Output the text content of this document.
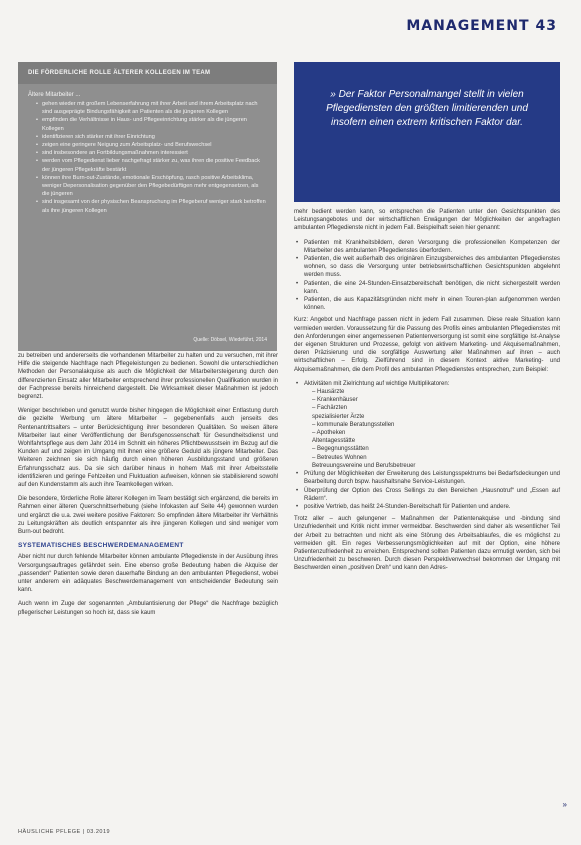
MANAGEMENT 43
DIE FÖRDERLICHE ROLLE ÄLTERER KOLLEGEN IM TEAM
Ältere Mitarbeiter ...
• gehen wieder mit großem Lebenserfahrung mit ihrer Arbeit und ihrem Arbeitsplatz nach sind ausgeprägte Bindungsfähigkeit an Patienten als die jüngeren Kollegen
• empfinden die Verhältnisse in Haus- und Pflegeeinrichtung stärker als die jüngeren Kollegen
• identifizieren sich stärker mit ihrer Einrichtung
• zeigen eine geringere Neigung zum Arbeitsplatz- und Berufswechsel
• sind insbesondere an Fortbildungsmaßnahmen interessiert
• werden vom Pflegedienst lieber nachgefragt stärker zu, was ihren die positive Feedback der jüngeren Pflegekräfte bestärkt
• können ihre Burn-out-Zustände, emotionale Erschöpfung, rasch positive Arbeitsklima, weniger Depersonalisation gegenüber den Pflegebedürftigen mehr entgegensetzen, als die jüngeren
• sind insgesamt von der physischen Beanspruchung im Pflegeberuf weniger stark betroffen als ihre jüngeren Kollegen
Quelle: Döbsel, Wiedeführt, 2014
» Der Faktor Personalmangel stellt in vielen Pflegediensten den größten limitierenden und insofern einen extrem kritischen Faktor dar.

zu betreiben und andererseits die vorhandenen Mitarbeiter zu halten und zu versuchen, mit ihrer Hilfe die steigende Nachfrage nach Pflegeleistungen zu bedienen. Sowohl die unterschiedlichen Methoden der Personalakquise als auch die Möglichkeit der Mitarbeitersteigerung durch den differenzierten Einsatz aller Mitarbeiter entsprechend ihrer professionellen Qualifikation wurden in der Fachpresse bereits hinreichend dargestellt. Die Wirksamkeit dieser Maßnahmen ist jedoch begrenzt.

Weniger beschrieben und genutzt wurde bisher hingegen die Möglichkeit einer Entlastung durch die gezielte Werbung um ältere Mitarbeiter – gegebenenfalls auch jenseits des Rentenantrittsalters – unter Berücksichtigung ihrer besonderen Qualitäten. So weisen ältere Mitarbeiter laut einer Veröffentlichung der Berufsgenossenschaft für Gesundheitsdienst und Wohlfahrtspflege aus dem Jahr 2014 im Schnitt ein höheres Pflichtbewusstsein im Bezug auf die Kunden auf und zeigen im Umgang mit ihnen eine größere Geduld als jüngere Mitarbeiter. Das Weiteren zeichnen sie sich häufig durch einen höheren Ausbildungsstand und größeren Erfahrungsschatz aus. Da sie sich darüber hinaus in hohem Maß mit ihrer Arbeitsstelle identifizieren und geringe Fehlzeiten und Fluktuation aufweisen, können sie stabilisierend sowohl auf den Kundenstamm als auch ihre Teamkollegen wirken.

Die besondere, förderliche Rolle älterer Kollegen im Team bestätigt sich ergänzend, die bereits im Rahmen einer älteren Querschnittserhebung (siehe Infokasten auf Seite 44) gewonnen wurden und ergänzt die u.a. zwei weitere positive Faktoren: So empfinden ältere Mitarbeiter ihr Verhältnis zu Leitungskräften als deutlich entspannter als ihre jüngeren Kollegen und sind weniger vom Burn-out bedroht.

SYSTEMATISCHES BESCHWERDEMANAGEMENT

Aber nicht nur durch fehlende Mitarbeiter können ambulante Pflegedienste in der Ausübung ihres Versorgungsauftrages gefährdet sein. Eine ebenso große Bedeutung haben die Akquise der „passenden“ Patienten sowie deren dauerhafte Bindung an den ambulanten Pflegedienst, wobei unter anderem ein adäquates Beschwerdemanagement von entscheidender Bedeutung sein kann.

Auch wenn im Zuge der sogenannten „Ambulantisierung der Pflege“ die Nachfrage bezüglich pflegerischer Leistungen so hoch ist, dass sie kaum

mehr bedient werden kann, so entsprechen die Patienten unter den Gesichtspunkten des Leistungsangebotes und der wirtschaftlichen Erwägungen der Möglichkeiten der angefragten ambulanten Pflegedienste nicht in jedem Fall. Beispielhaft seien hier genannt:

• Patienten mit Krankheitsbildern, deren Versorgung die professionellen Kompetenzen der Mitarbeiter des ambulanten Pflegedienstes überfordern.
• Patienten, die weit außerhalb des originären Einzugsbereiches des ambulanten Pflegedienstes wohnen, so dass die Versorgung unter betriebswirtschaftlichen Gesichtspunkten abgelehnt werden muss.
• Patienten, die eine 24-Stunden-Einsatzbereitschaft benötigen, die nicht sichergestellt werden kann.
• Patienten, die aus Kapazitätsgründen nicht mehr in einen Touren-plan aufgenommen werden können.

Kurz: Angebot und Nachfrage passen nicht in jedem Fall zusammen. Diese reale Situation kann vermieden werden. Voraussetzung für die Passung des Profils eines ambulanten Pflegedienstes mit den Anforderungen einer angemessenen Patientenversorgung ist somit eine sorgfältige Ist-Analyse der eigenen Strukturen und Prozesse, gefolgt von aktivem Marketing- und Akquisemaßnahmen, deren Präzisierung und die sorgfältige Auswertung aller Maßnahmen auf ihren – auch wirtschaftlichen – Erfolg. Zielführend sind in diesem Kontext aktive Marketing- und Akquisemaßnahmen, die dem Profil des ambulanten Pflegedienstes entsprechen, zum Beispiel:

• Aktivitäten mit Zielrichtung auf wichtige Multiplikatoren:
– Hausärzte
– Krankenhäuser
– Fachärzten
spezialisierter Ärzte
– kommunale Beratungsstellen
– Apotheken
Altentagesstätte
– Begegnungsstätten
– Betreutes Wohnen
Betreuungsvereine und Berufsbetreuer
• Prüfung der Möglichkeiten der Erweiterung des Leistungsspektrums bei Bedarfsdeckungen und Bearbeitung durch bspw. haushaltsnahe Service-Leistungen.
• Überprüfung der Option des Cross Sellings zu den Bereichen „Hausnotruf“ und „Essen auf Rädern“.
• positive Vertrieb, das heißt 24-Stunden-Bereitschaft für Patienten und andere.

Trotz aller – auch gelungener – Maßnahmen der Patientenakquise und -bindung sind Unzufriedenheit und Kritik nicht immer vermeidbar. Beschwerden sind daher als wesentlicher Teil der Arbeit zu betrachten und nicht als eine Störung des Arbeitsablaufes, die es möglichst zu vermeiden gilt. Ein reges Verbesserungsmöglichkeiten auf mit der Option, eine höhere Patientenzufriedenheit zu erreichen. Entsprechend sollten Patienten dazu ermutigt werden, sich bei Unzufriedenheit zu beschweren. Durch diesen Perspektivenwechsel bekommen der Umgang mit Beschwerden einen „positiven Dreh“ und kann den Adres-

HÄUSLICHE PFLEGE | 03.2019
»
